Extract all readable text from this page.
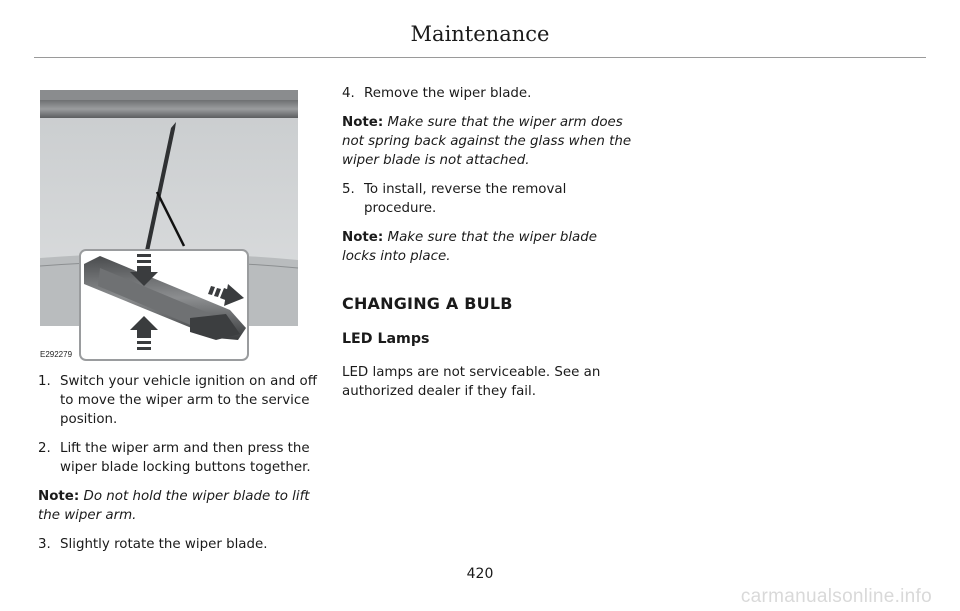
Maintenance
E292279
1. Switch your vehicle ignition on and off to move the wiper arm to the service position.
2. Lift the wiper arm and then press the wiper blade locking buttons together.
Note: Do not hold the wiper blade to lift the wiper arm.
3. Slightly rotate the wiper blade.
4. Remove the wiper blade.
Note: Make sure that the wiper arm does not spring back against the glass when the wiper blade is not attached.
5. To install, reverse the removal procedure.
Note: Make sure that the wiper blade locks into place.
CHANGING A BULB
LED Lamps
LED lamps are not serviceable. See an authorized dealer if they fail.
420
carmanualsonline.info
